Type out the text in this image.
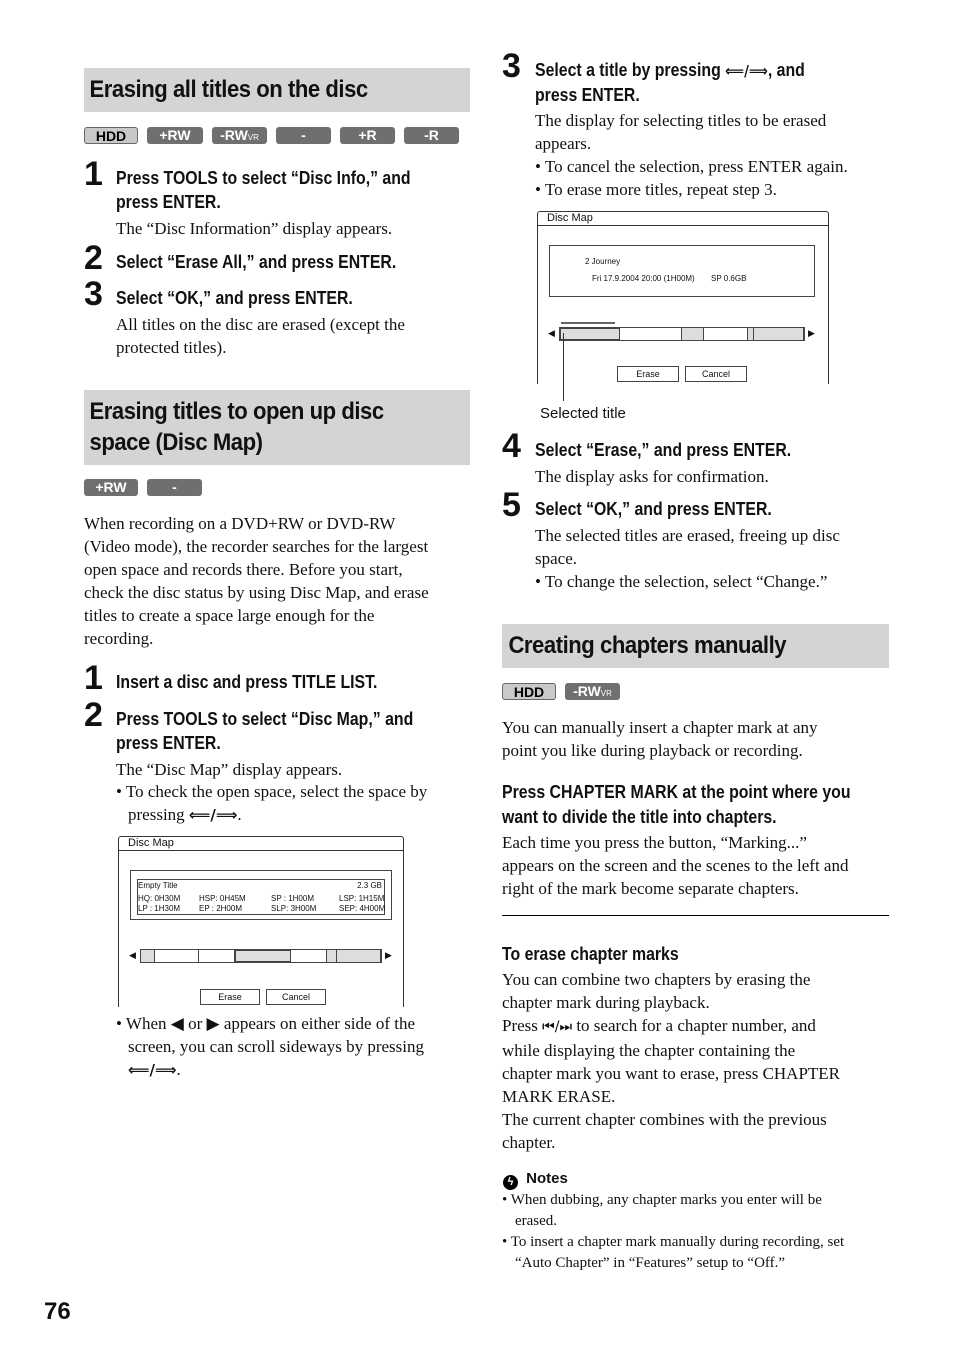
Erasing all titles on the disc
HDD	+RW	-RWVR	-RWVideo
+R	-R
1 Press TOOLS to select “Disc Info,” and
press ENTER.
The “Disc Information” display appears.
2 Select “Erase All,” and press ENTER.
3 Select “OK,” and press ENTER.

All titles on the disc are erased (except the

protected titles).

Erasing titles to open up disc
space (Disc Map)
+RW	-RWVideo

When recording on a DVD+RW or DVD-RW

(Video mode), the recorder searches for the largest

open space and records there. Before you start,

check the disc status by using Disc Map, and erase

titles to create a space large enough for the

recording.

1 Insert a disc and press TITLE LIST.
2 Press TOOLS to select “Disc Map,” and
press ENTER.
The “Disc Map” display appears.

• To check the open space, select the space by

pressing ⟸/⟹.

Disc Map
Empty Title	2.3 GB
HQ: 0H30M HSP: 0H45M	SP : 1H00M	LSP: 1H15M
LP : 1H30M EP : 2H00M	SLP: 3H00M	SEP: 4H00M
◀	▶
Erase	Cancel

• When ◀ or ▶ appears on either side of the

screen, you can scroll sideways by pressing

⟸/⟹.

3 Select a title by pressing ⟸/⟹, and
press ENTER.

The display for selecting titles to be erased

appears.

• To cancel the selection, press ENTER again.

• To erase more titles, repeat step 3.

Disc Map
2 Journey
Fri 17.9.2004 20:00 (1H00M) SP 0.6GB
◀	▶
Erase	Cancel
Selected title
4 Select “Erase,” and press ENTER.
The display asks for confirmation.
5 Select “OK,” and press ENTER.

The selected titles are erased, freeing up disc

space.

• To change the selection, select “Change.”

Creating chapters manually
HDD	-RWVR

You can manually insert a chapter mark at any

point you like during playback or recording.

Press CHAPTER MARK at the point where you
want to divide the title into chapters.

Each time you press the button, “Marking...”

appears on the screen and the scenes to the left and

right of the mark become separate chapters.

To erase chapter marks

You can combine two chapters by erasing the

chapter mark during playback.

Press ⏮/⏭ to search for a chapter number, and

while displaying the chapter containing the

chapter mark you want to erase, press CHAPTER

MARK ERASE.

The current chapter combines with the previous

chapter.

ϟ Notes

• When dubbing, any chapter marks you enter will be

erased.

• To insert a chapter mark manually during recording, set

“Auto Chapter” in “Features” setup to “Off.”

76
